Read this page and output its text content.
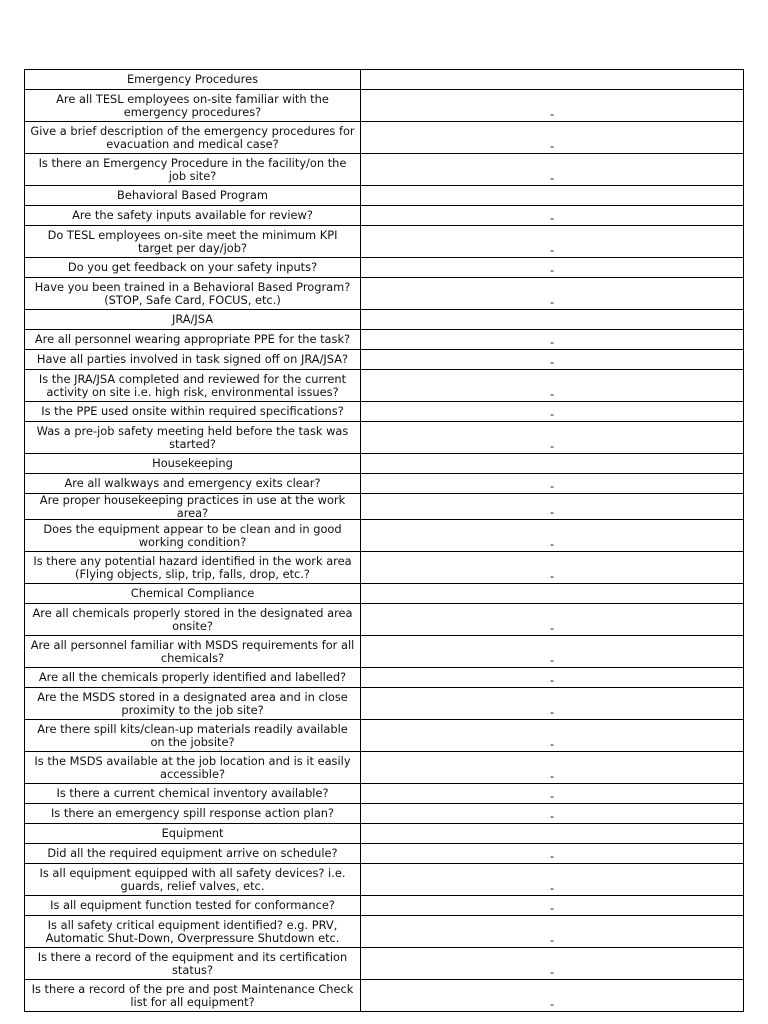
Emergency Procedures	
Are all TESL employees on-site familiar with the emergency procedures?	-
Give a brief description of the emergency procedures for evacuation and medical case?	-
Is there an Emergency Procedure in the facility/on the job site?	-
Behavioral Based Program	
Are the safety inputs available for review?	-
Do TESL employees on-site meet the minimum KPI target per day/job?	-
Do you get feedback on your safety inputs?	-
Have you been trained in a Behavioral Based Program? (STOP, Safe Card, FOCUS, etc.)	-
JRA/JSA	
Are all personnel wearing appropriate PPE for the task?	-
Have all parties involved in task signed off on JRA/JSA?	-
Is the JRA/JSA completed and reviewed for the current activity on site i.e. high risk, environmental issues?	-
Is the PPE used onsite within required specifications?	-
Was a pre-job safety meeting held before the task was started?	-
Housekeeping	
Are all walkways and emergency exits clear?	-
Are proper housekeeping practices in use at the work area?	-
Does the equipment appear to be clean and in good working condition?	-
Is there any potential hazard identified in the work area (Flying objects, slip, trip, falls, drop, etc.?	-
Chemical Compliance	
Are all chemicals properly stored in the designated area onsite?	-
Are all personnel familiar with MSDS requirements for all chemicals?	-
Are all the chemicals properly identified and labelled?	-
Are the MSDS stored in a designated area and in close proximity to the job site?	-
Are there spill kits/clean-up materials readily available on the jobsite?	-
Is the MSDS available at the job location and is it easily accessible?	-
Is there a current chemical inventory available?	-
Is there an emergency spill response action plan?	-
Equipment	
Did all the required equipment arrive on schedule?	-
Is all equipment equipped with all safety devices? i.e. guards, relief valves, etc.	-
Is all equipment function tested for conformance?	-
Is all safety critical equipment identified? e.g. PRV, Automatic Shut-Down, Overpressure Shutdown etc.	-
Is there a record of the equipment and its certification status?	-
Is there a record of the pre and post Maintenance Check list for all equipment?	-
